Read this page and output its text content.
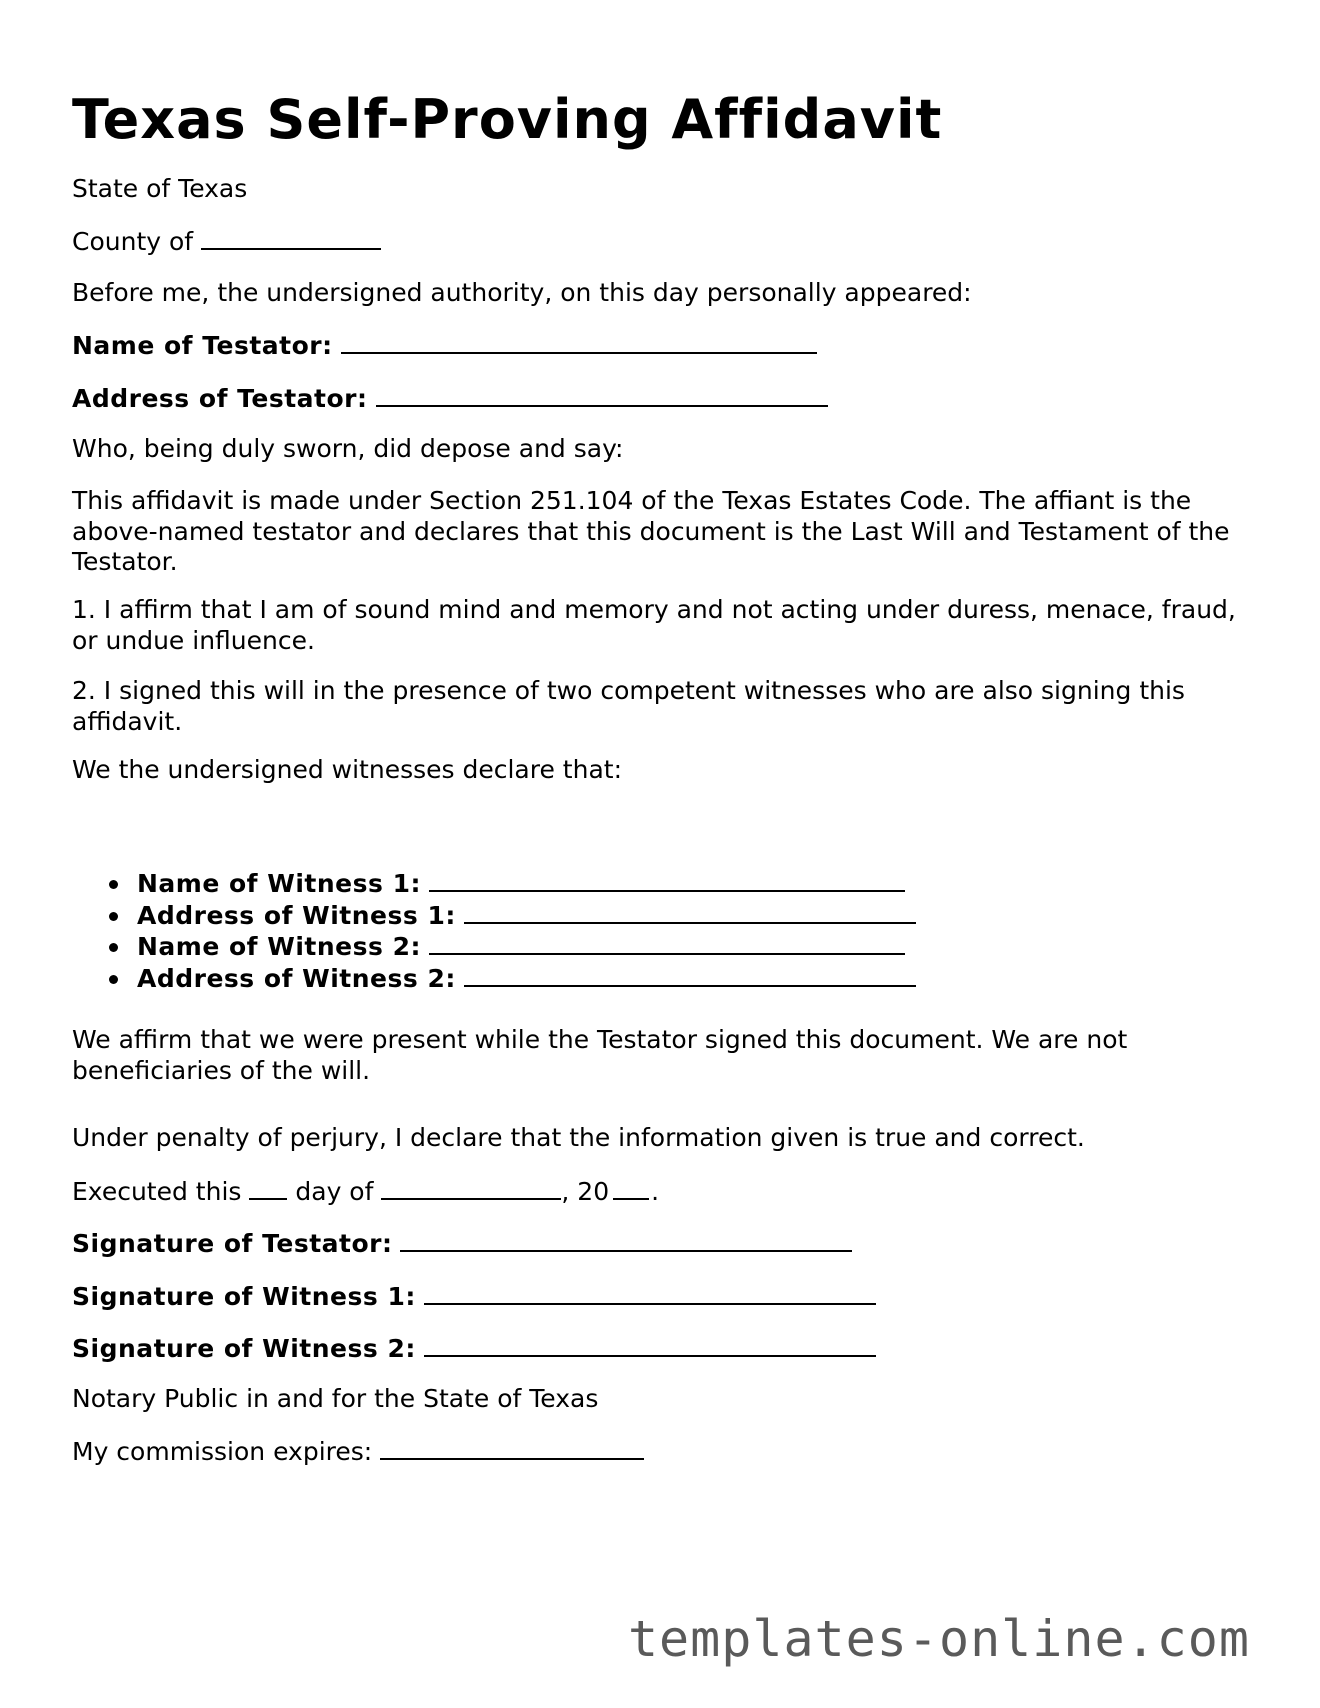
Texas Self-Proving Affidavit

State of Texas

County of

Before me, the undersigned authority, on this day personally appeared:

Name of Testator:

Address of Testator:

Who, being duly sworn, did depose and say:

This affidavit is made under Section 251.104 of the Texas Estates Code. The affiant is the above-named testator and declares that this document is the Last Will and Testament of the Testator.

1. I affirm that I am of sound mind and memory and not acting under duress, menace, fraud, or undue influence.

2. I signed this will in the presence of two competent witnesses who are also signing this affidavit.

We the undersigned witnesses declare that:

Name of Witness 1:
Address of Witness 1:
Name of Witness 2:
Address of Witness 2:

We affirm that we were present while the Testator signed this document. We are not beneficiaries of the will.

Under penalty of perjury, I declare that the information given is true and correct.

Executed this day of	, 20 .

Signature of Testator:

Signature of Witness 1:

Signature of Witness 2:

Notary Public in and for the State of Texas

My commission expires:

templates-online.com
